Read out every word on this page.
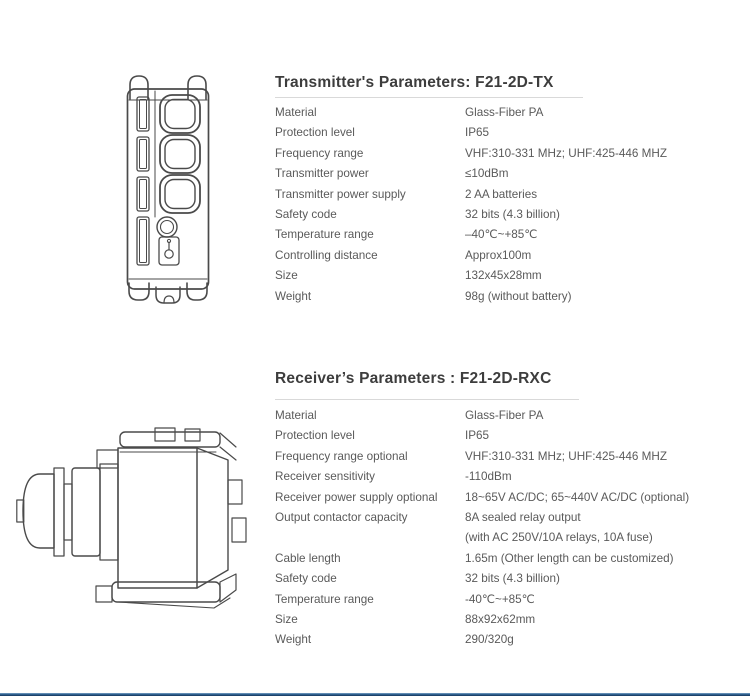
Transmitter's Parameters: F21-2D-TX
Material	Glass-Fiber PA
Protection level	IP65
Frequency range	VHF:310-331 MHz; UHF:425-446 MHZ
Transmitter power	≤10dBm
Transmitter power supply	2 AA batteries
Safety code	32 bits (4.3 billion)
Temperature range	–40℃~+85℃
Controlling distance	Approx100m
Size	132x45x28mm
Weight	98g (without battery)
Receiver’s Parameters : F21-2D-RXC
Material	Glass-Fiber PA
Protection level	IP65
Frequency range optional	VHF:310-331 MHz; UHF:425-446 MHZ
Receiver sensitivity	-110dBm
Receiver power supply optional	18~65V AC/DC; 65~440V AC/DC (optional)
Output contactor capacity	8A sealed relay output
(with AC 250V/10A relays, 10A fuse)
Cable length	1.65m (Other length can be customized)
Safety code	32 bits (4.3 billion)
Temperature range	-40℃~+85℃
Size	88x92x62mm
Weight	290/320g
